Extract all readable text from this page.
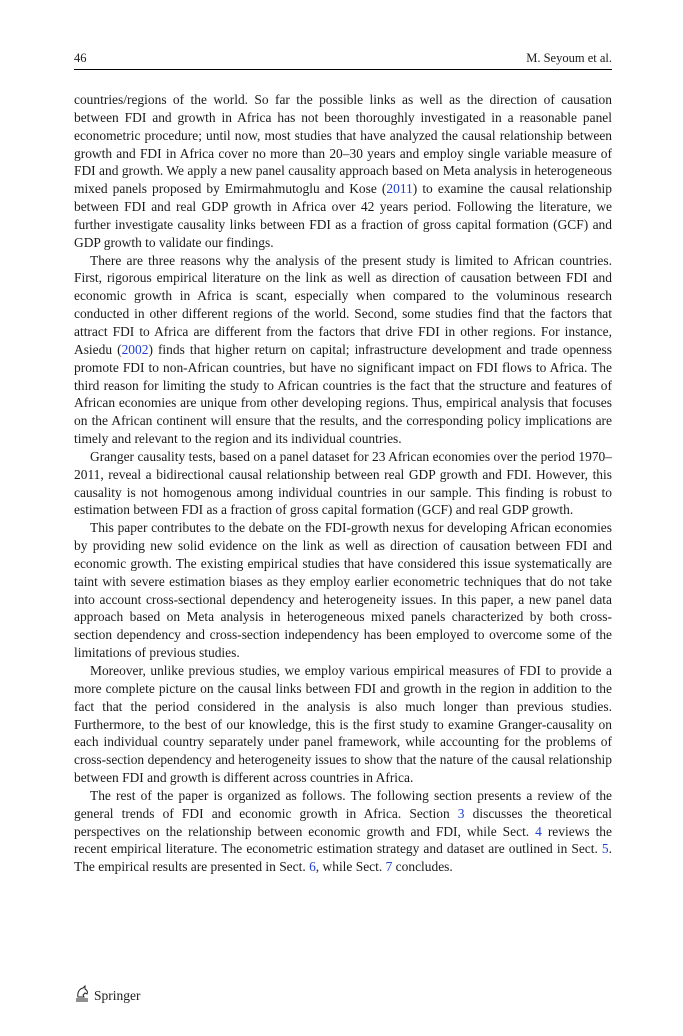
46	M. Seyoum et al.

countries/regions of the world. So far the possible links as well as the direction of causation between FDI and growth in Africa has not been thoroughly investigated in a reasonable panel econometric procedure; until now, most studies that have analyzed the causal relationship between growth and FDI in Africa cover no more than 20–30 years and employ single variable measure of FDI and growth. We apply a new panel causality approach based on Meta analysis in heterogeneous mixed panels proposed by Emirmahmutoglu and Kose (2011) to examine the causal relationship between FDI and real GDP growth in Africa over 42 years period. Following the literature, we further investigate causality links between FDI as a fraction of gross capital formation (GCF) and GDP growth to validate our findings.

There are three reasons why the analysis of the present study is limited to African countries. First, rigorous empirical literature on the link as well as direction of causation between FDI and economic growth in Africa is scant, especially when compared to the voluminous research conducted in other different regions of the world. Second, some studies find that the factors that attract FDI to Africa are different from the factors that drive FDI in other regions. For instance, Asiedu (2002) finds that higher return on capital; infrastructure development and trade openness promote FDI to non-African countries, but have no significant impact on FDI flows to Africa. The third reason for limiting the study to African countries is the fact that the structure and features of African economies are unique from other developing regions. Thus, empirical analysis that focuses on the African continent will ensure that the results, and the corresponding policy implications are timely and relevant to the region and its individual countries.

Granger causality tests, based on a panel dataset for 23 African economies over the period 1970–2011, reveal a bidirectional causal relationship between real GDP growth and FDI. However, this causality is not homogenous among individual countries in our sample. This finding is robust to estimation between FDI as a fraction of gross capital formation (GCF) and real GDP growth.

This paper contributes to the debate on the FDI-growth nexus for developing African economies by providing new solid evidence on the link as well as direction of causation between FDI and economic growth. The existing empirical studies that have considered this issue systematically are taint with severe estimation biases as they employ earlier econometric techniques that do not take into account cross-sectional dependency and heterogeneity issues. In this paper, a new panel data approach based on Meta analysis in heterogeneous mixed panels characterized by both cross-section dependency and cross-section independency has been employed to overcome some of the limitations of previous studies.

Moreover, unlike previous studies, we employ various empirical measures of FDI to provide a more complete picture on the causal links between FDI and growth in the region in addition to the fact that the period considered in the analysis is also much longer than previous studies. Furthermore, to the best of our knowledge, this is the first study to examine Granger-causality on each individual country separately under panel framework, while accounting for the problems of cross-section dependency and heterogeneity issues to show that the nature of the causal relationship between FDI and growth is different across countries in Africa.

The rest of the paper is organized as follows. The following section presents a review of the general trends of FDI and economic growth in Africa. Section 3 discusses the theoretical perspectives on the relationship between economic growth and FDI, while Sect. 4 reviews the recent empirical literature. The econometric estimation strategy and dataset are outlined in Sect. 5. The empirical results are presented in Sect. 6, while Sect. 7 concludes.

Springer
